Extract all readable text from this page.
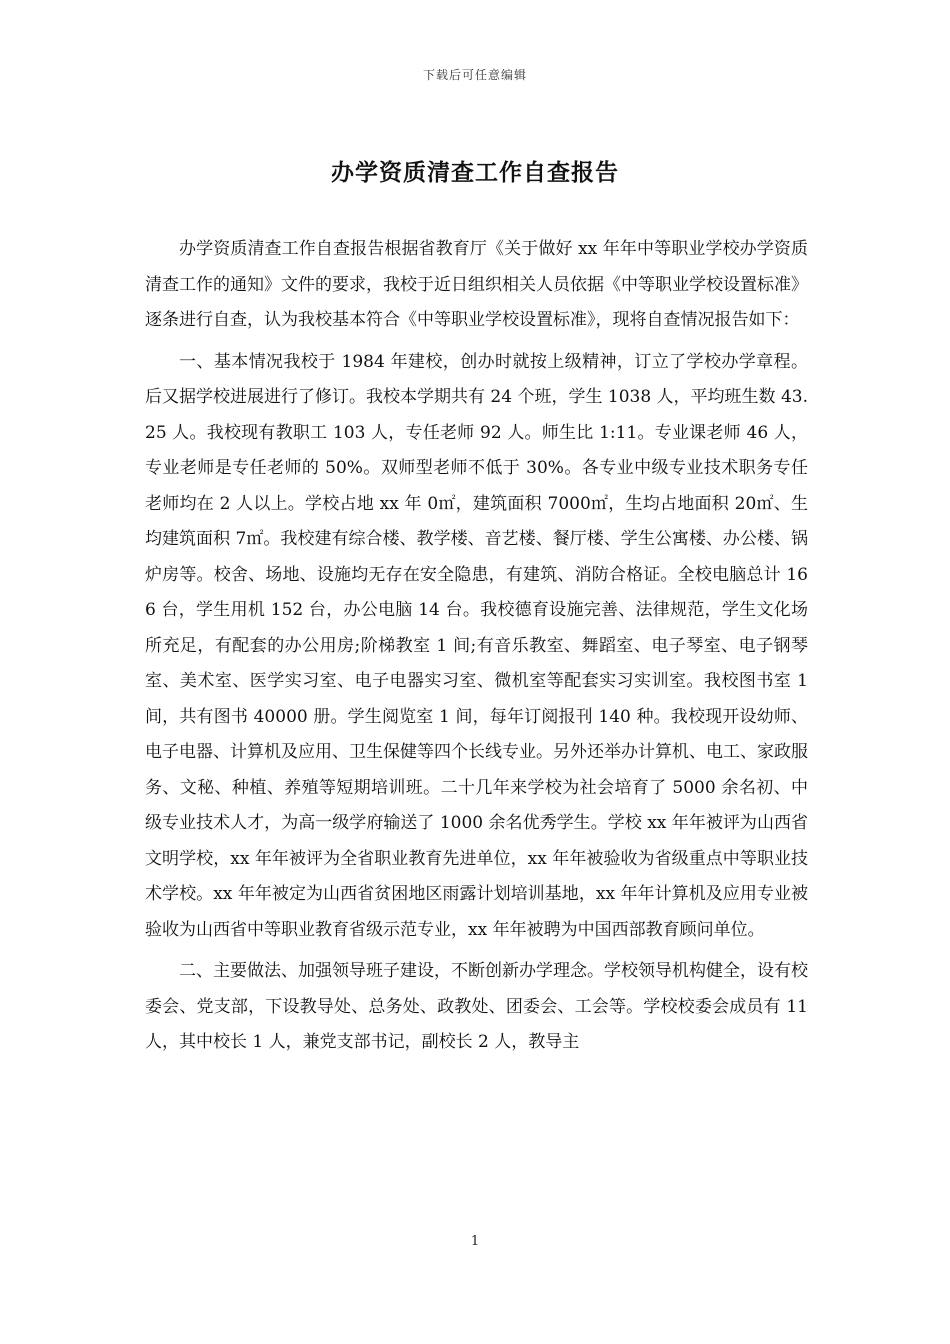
下载后可任意编辑
办学资质清查工作自查报告

办学资质清查工作自查报告根据省教育厅《关于做好 xx 年年中等职业学校办学资质清查工作的通知》文件的要求，我校于近日组织相关人员依据《中等职业学校设置标准》逐条进行自查，认为我校基本符合《中等职业学校设置标准》，现将自查情况报告如下：

一、基本情况我校于 1984 年建校，创办时就按上级精神，订立了学校办学章程。后又据学校进展进行了修订。我校本学期共有 24 个班，学生 1038 人，平均班生数 43.25 人。我校现有教职工 103 人，专任老师 92 人。师生比 1:11。专业课老师 46 人，专业老师是专任老师的 50%。双师型老师不低于 30%。各专业中级专业技术职务专任老师均在 2 人以上。学校占地 xx 年 0㎡，建筑面积 7000㎡，生均占地面积 20㎡、生均建筑面积 7㎡。我校建有综合楼、教学楼、音艺楼、餐厅楼、学生公寓楼、办公楼、锅炉房等。校舍、场地、设施均无存在安全隐患，有建筑、消防合格证。全校电脑总计 166 台，学生用机 152 台，办公电脑 14 台。我校德育设施完善、法律规范，学生文化场所充足，有配套的办公用房;阶梯教室 1 间;有音乐教室、舞蹈室、电子琴室、电子钢琴室、美术室、医学实习室、电子电器实习室、微机室等配套实习实训室。我校图书室 1 间，共有图书 40000 册。学生阅览室 1 间，每年订阅报刊 140 种。我校现开设幼师、电子电器、计算机及应用、卫生保健等四个长线专业。另外还举办计算机、电工、家政服务、文秘、种植、养殖等短期培训班。二十几年来学校为社会培育了 5000 余名初、中级专业技术人才，为高一级学府输送了 1000 余名优秀学生。学校 xx 年年被评为山西省文明学校，xx 年年被评为全省职业教育先进单位，xx 年年被验收为省级重点中等职业技术学校。xx 年年被定为山西省贫困地区雨露计划培训基地，xx 年年计算机及应用专业被验收为山西省中等职业教育省级示范专业，xx 年年被聘为中国西部教育顾问单位。

二、主要做法、加强领导班子建设，不断创新办学理念。学校领导机构健全，设有校委会、党支部，下设教导处、总务处、政教处、团委会、工会等。学校校委会成员有 11 人，其中校长 1 人，兼党支部书记，副校长 2 人，教导主

1
